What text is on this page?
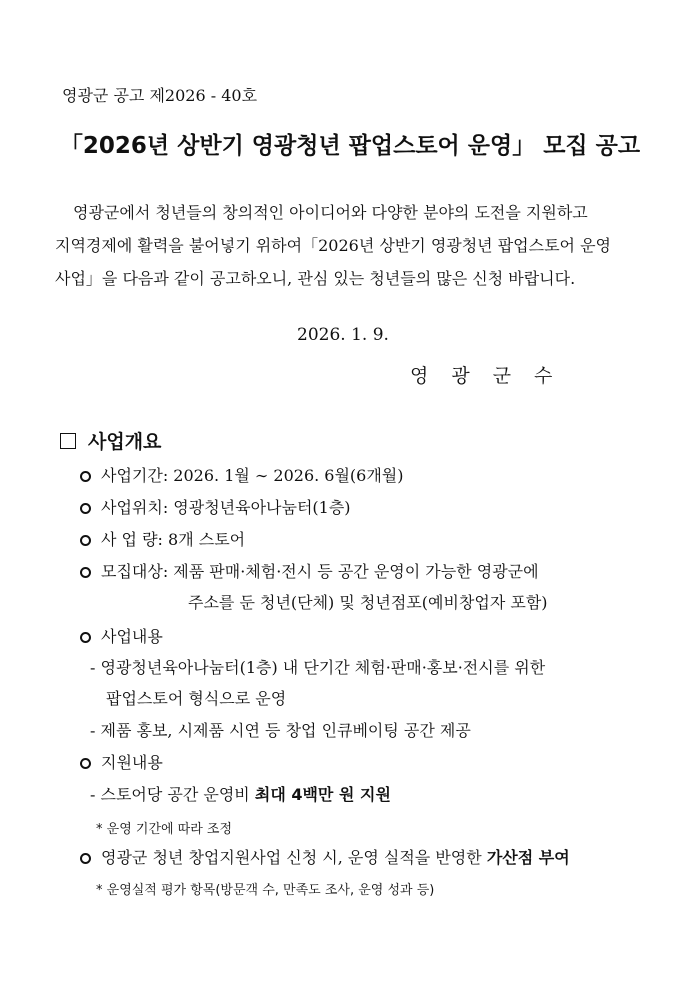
영광군 공고 제2026 - 40호
「2026년 상반기 영광청년 팝업스토어 운영」 모집 공고
영광군에서 청년들의 창의적인 아이디어와 다양한 분야의 도전을 지원하고
지역경제에 활력을 불어넣기 위하여「2026년 상반기 영광청년 팝업스토어 운영
사업」을 다음과 같이 공고하오니, 관심 있는 청년들의 많은 신청 바랍니다.
2026. 1. 9.
영광군수
사업개요
사업기간: 2026. 1월 ∼ 2026. 6월(6개월)
사업위치: 영광청년육아나눔터(1층)
사 업 량: 8개 스토어
모집대상: 제품 판매·체험·전시 등 공간 운영이 가능한 영광군에
주소를 둔 청년(단체) 및 청년점포(예비창업자 포함)
사업내용
- 영광청년육아나눔터(1층) 내 단기간 체험·판매·홍보·전시를 위한
팝업스토어 형식으로 운영
- 제품 홍보, 시제품 시연 등 창업 인큐베이팅 공간 제공
지원내용
- 스토어당 공간 운영비 최대 4백만 원 지원
* 운영 기간에 따라 조정
영광군 청년 창업지원사업 신청 시, 운영 실적을 반영한 가산점 부여
* 운영실적 평가 항목(방문객 수, 만족도 조사, 운영 성과 등)
